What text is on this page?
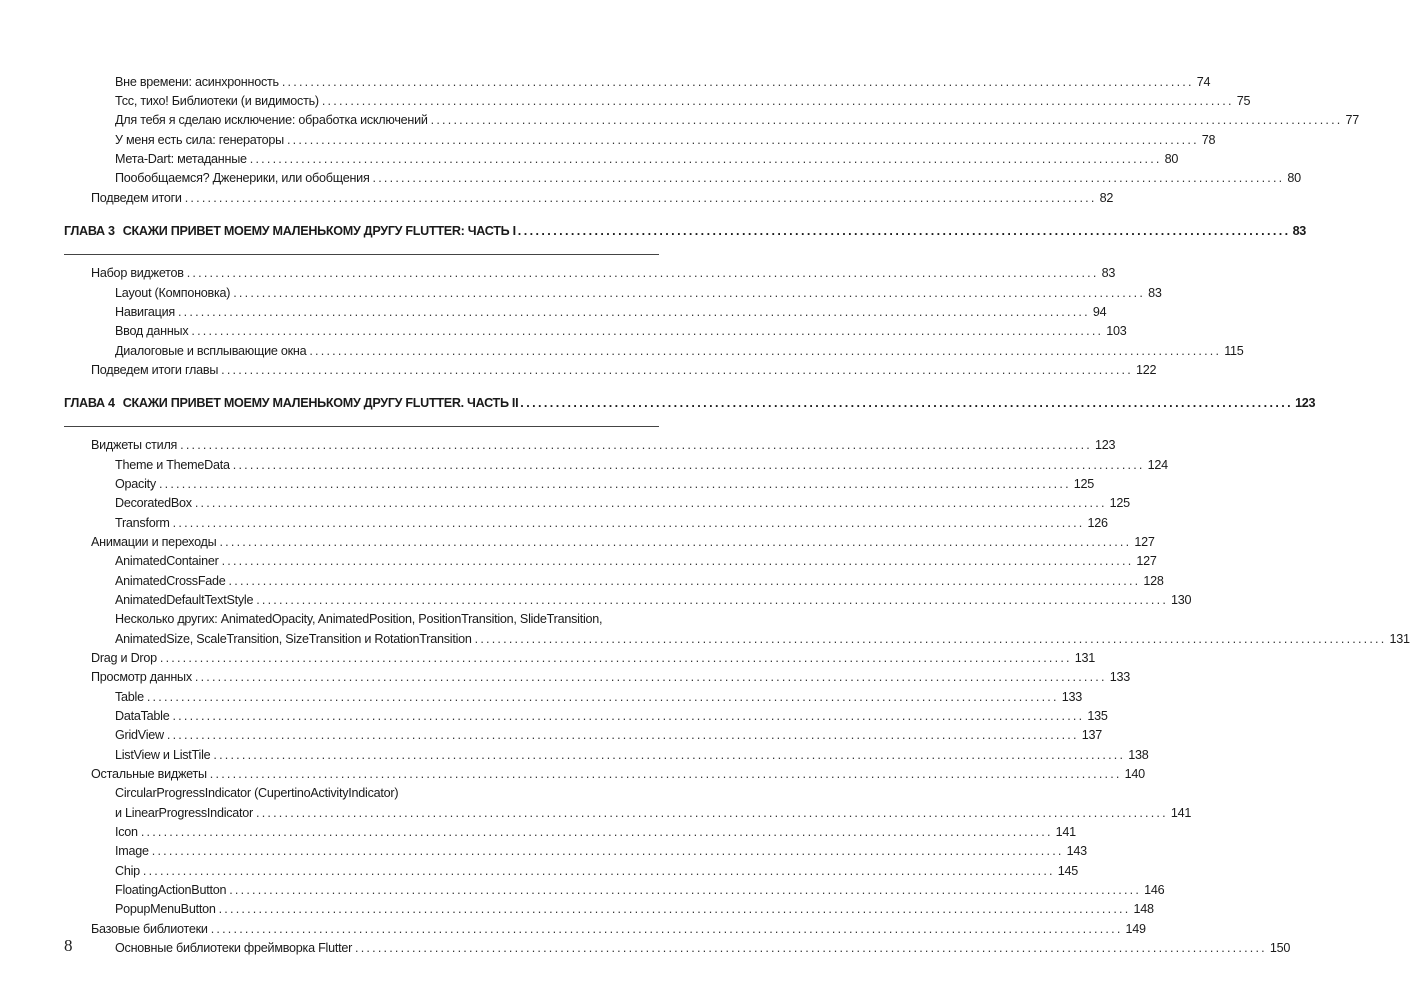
Вне времени: асинхронность ................................................................................................................................................................ 74
Тсс, тихо! Библиотеки (и видимость) ................................................................................................................................................................ 75
Для тебя я сделаю исключение: обработка исключений ................................................................................................................................................................ 77
У меня есть сила: генераторы ................................................................................................................................................................ 78
Мета-Dart: метаданные ................................................................................................................................................................ 80
Пообобщаемся? Дженерики, или обобщения ................................................................................................................................................................ 80
Подведем итоги ................................................................................................................................................................ 82
ГЛАВА 3 СКАЖИ ПРИВЕТ МОЕМУ МАЛЕНЬКОМУ ДРУГУ FLUTTER: ЧАСТЬ I ................................................................................................................................... 83
Набор виджетов ................................................................................................................................................................ 83
Layout (Компоновка) ................................................................................................................................................................ 83
Навигация ................................................................................................................................................................ 94
Ввод данных ................................................................................................................................................................ 103
Диалоговые и всплывающие окна ................................................................................................................................................................ 115
Подведем итоги главы ................................................................................................................................................................ 122
ГЛАВА 4 СКАЖИ ПРИВЕТ МОЕМУ МАЛЕНЬКОМУ ДРУГУ FLUTTER. ЧАСТЬ II ................................................................................................................................... 123
Виджеты стиля ................................................................................................................................................................ 123
Theme и ThemeData ................................................................................................................................................................ 124
Opacity ................................................................................................................................................................ 125
DecoratedBox ................................................................................................................................................................ 125
Transform ................................................................................................................................................................ 126
Анимации и переходы ................................................................................................................................................................ 127
AnimatedContainer ................................................................................................................................................................ 127
AnimatedCrossFade ................................................................................................................................................................ 128
AnimatedDefaultTextStyle ................................................................................................................................................................ 130
Несколько других: AnimatedOpacity, AnimatedPosition, PositionTransition, SlideTransition,
AnimatedSize, ScaleTransition, SizeTransition и RotationTransition ................................................................................................................................................................ 131
Drag и Drop ................................................................................................................................................................ 131
Просмотр данных ................................................................................................................................................................ 133
Table ................................................................................................................................................................ 133
DataTable ................................................................................................................................................................ 135
GridView ................................................................................................................................................................ 137
ListView и ListTile ................................................................................................................................................................ 138
Остальные виджеты ................................................................................................................................................................ 140
CircularProgressIndicator (CupertinoActivityIndicator)
и LinearProgressIndicator ................................................................................................................................................................ 141
Icon ................................................................................................................................................................ 141
Image ................................................................................................................................................................ 143
Chip ................................................................................................................................................................ 145
FloatingActionButton ................................................................................................................................................................ 146
PopupMenuButton ................................................................................................................................................................ 148
Базовые библиотеки ................................................................................................................................................................ 149
Основные библиотеки фреймворка Flutter ................................................................................................................................................................ 150
8
